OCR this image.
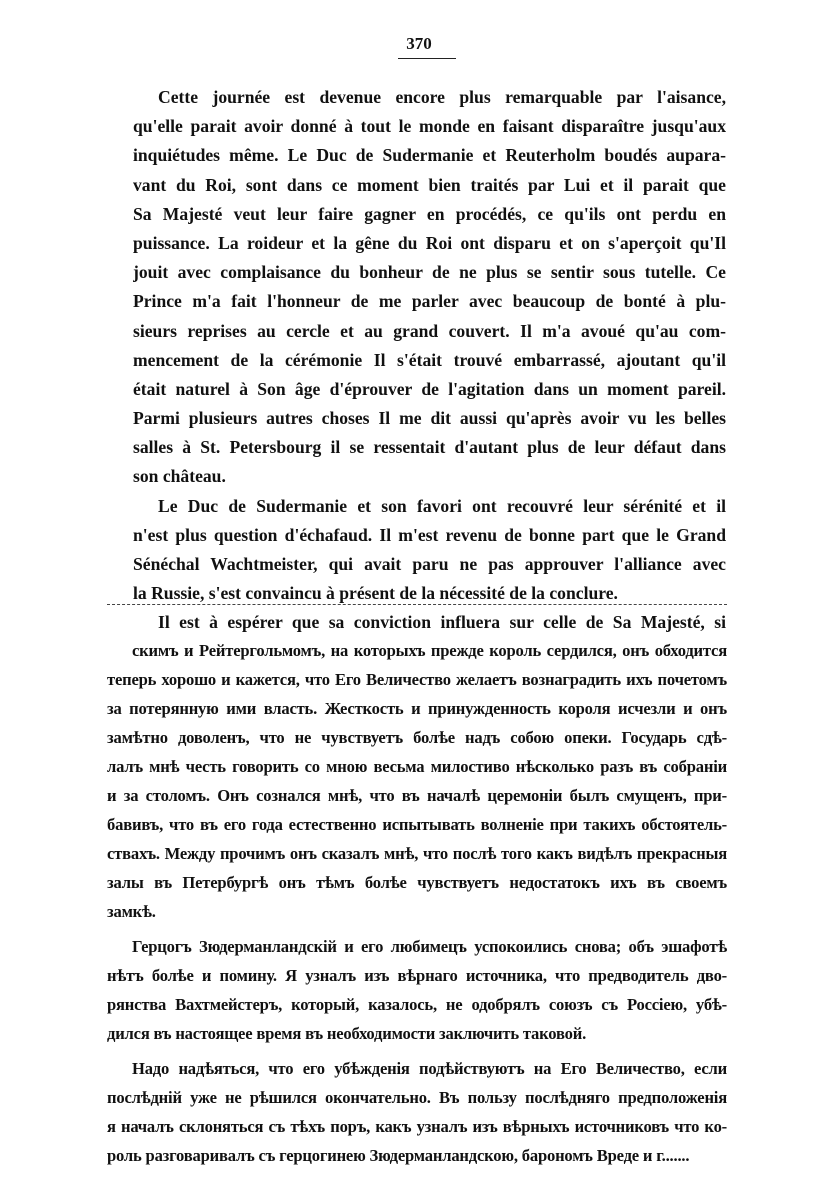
370
Cette journée est devenue encore plus remarquable par l'aisance,
qu'elle parait avoir donné à tout le monde en faisant disparaître jusqu'aux
inquiétudes même. Le Duc de Sudermanie et Reuterholm boudés aupara-
vant du Roi, sont dans ce moment bien traités par Lui et il parait que
Sa Majesté veut leur faire gagner en procédés, ce qu'ils ont perdu en
puissance. La roideur et la gêne du Roi ont disparu et on s'aperçoit qu'Il
jouit avec complaisance du bonheur de ne plus se sentir sous tutelle. Ce
Prince m'a fait l'honneur de me parler avec beaucoup de bonté à plu-
sieurs reprises au cercle et au grand couvert. Il m'a avoué qu'au com-
mencement de la cérémonie Il s'était trouvé embarrassé, ajoutant qu'il
était naturel à Son âge d'éprouver de l'agitation dans un moment pareil.
Parmi plusieurs autres choses Il me dit aussi qu'après avoir vu les belles
salles à St. Petersbourg il se ressentait d'autant plus de leur défaut dans
son château.
Le Duc de Sudermanie et son favori ont recouvré leur sérénité et il
n'est plus question d'échafaud. Il m'est revenu de bonne part que le Grand
Sénéchal Wachtmeister, qui avait paru ne pas approuver l'alliance avec
la Russie, s'est convaincu à présent de la nécessité de la conclure.
Il est à espérer que sa conviction influera sur celle de Sa Majesté, si
скимъ и Рейтергольмомъ, на которыхъ прежде король сердился, онъ обходится
теперь хорошо и кажется, что Его Величество желаетъ вознаградить ихъ почетомъ
за потерянную ими власть. Жесткость и принужденность короля исчезли и онъ
замѣтно доволенъ, что не чувствуетъ болѣе надъ собою опеки. Государь сдѣ-
лалъ мнѣ честь говорить со мною весьма милостиво нѣсколько разъ въ собраніи
и за столомъ. Онъ сознался мнѣ, что въ началѣ церемоніи былъ смущенъ, при-
бавивъ, что въ его года естественно испытывать волненіе при такихъ обстоятель-
ствахъ. Между прочимъ онъ сказалъ мнѣ, что послѣ того какъ видѣлъ прекрасныя
залы въ Петербургѣ онъ тѣмъ болѣе чувствуетъ недостатокъ ихъ въ своемъ
замкѣ.
Герцогъ Зюдерманландскій и его любимецъ успокоились снова; объ эшафотѣ
нѣтъ болѣе и помину. Я узналъ изъ вѣрнаго источника, что предводитель дво-
рянства Вахтмейстеръ, который, казалось, не одобрялъ союзъ съ Россіею, убѣ-
дился въ настоящее время въ необходимости заключить таковой.
Надо надѣяться, что его убѣжденія подѣйствуютъ на Его Величество, если
послѣдній уже не рѣшился окончательно. Въ пользу послѣдняго предположенія
я началъ склоняться съ тѣхъ поръ, какъ узналъ изъ вѣрныхъ источниковъ что ко-
роль разговаривалъ съ герцогинею Зюдерманландскою, барономъ Вреде и г.......
